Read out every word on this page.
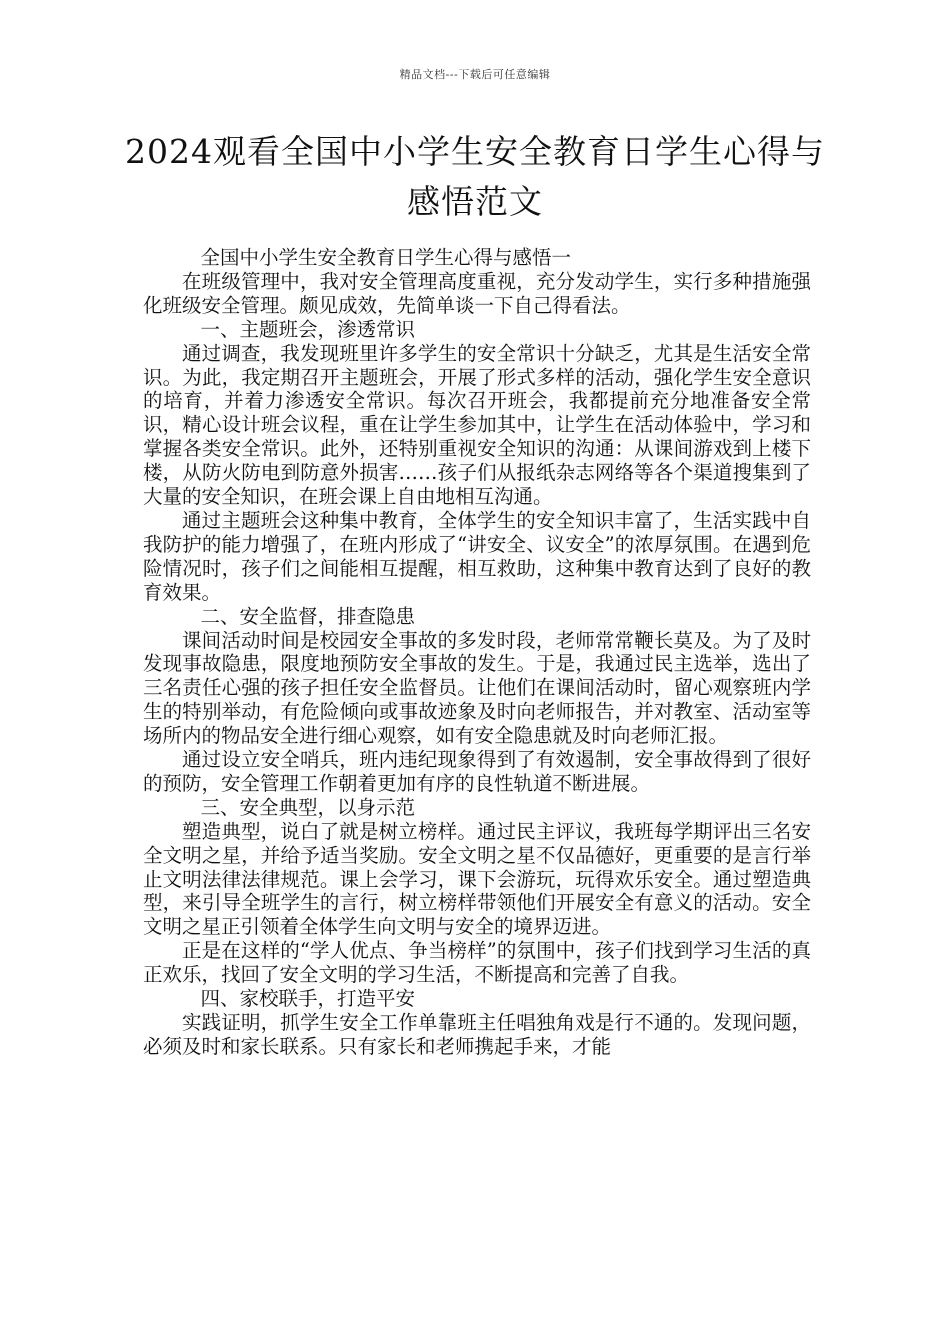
精品文档---下载后可任意编辑
2024观看全国中小学生安全教育日学生心得与感悟范文

全国中小学生安全教育日学生心得与感悟一

在班级管理中，我对安全管理高度重视，充分发动学生，实行多种措施强化班级安全管理。颇见成效，先简单谈一下自己得看法。

一、主题班会，渗透常识

通过调查，我发现班里许多学生的安全常识十分缺乏，尤其是生活安全常识。为此，我定期召开主题班会，开展了形式多样的活动，强化学生安全意识的培育，并着力渗透安全常识。每次召开班会，我都提前充分地准备安全常识，精心设计班会议程，重在让学生参加其中，让学生在活动体验中，学习和掌握各类安全常识。此外，还特别重视安全知识的沟通：从课间游戏到上楼下楼，从防火防电到防意外损害……孩子们从报纸杂志网络等各个渠道搜集到了大量的安全知识，在班会课上自由地相互沟通。

通过主题班会这种集中教育，全体学生的安全知识丰富了，生活实践中自我防护的能力增强了，在班内形成了“讲安全、议安全”的浓厚氛围。在遇到危险情况时，孩子们之间能相互提醒，相互救助，这种集中教育达到了良好的教育效果。

二、安全监督，排查隐患

课间活动时间是校园安全事故的多发时段，老师常常鞭长莫及。为了及时发现事故隐患，限度地预防安全事故的发生。于是，我通过民主选举，选出了三名责任心强的孩子担任安全监督员。让他们在课间活动时，留心观察班内学生的特别举动，有危险倾向或事故迹象及时向老师报告，并对教室、活动室等场所内的物品安全进行细心观察，如有安全隐患就及时向老师汇报。

通过设立安全哨兵，班内违纪现象得到了有效遏制，安全事故得到了很好的预防，安全管理工作朝着更加有序的良性轨道不断进展。

三、安全典型，以身示范

塑造典型，说白了就是树立榜样。通过民主评议，我班每学期评出三名安全文明之星，并给予适当奖励。安全文明之星不仅品德好，更重要的是言行举止文明法律法律规范。课上会学习，课下会游玩，玩得欢乐安全。通过塑造典型，来引导全班学生的言行，树立榜样带领他们开展安全有意义的活动。安全文明之星正引领着全体学生向文明与安全的境界迈进。

正是在这样的“学人优点、争当榜样”的氛围中，孩子们找到学习生活的真正欢乐，找回了安全文明的学习生活，不断提高和完善了自我。

四、家校联手，打造平安

实践证明，抓学生安全工作单靠班主任唱独角戏是行不通的。发现问题，必须及时和家长联系。只有家长和老师携起手来，才能
